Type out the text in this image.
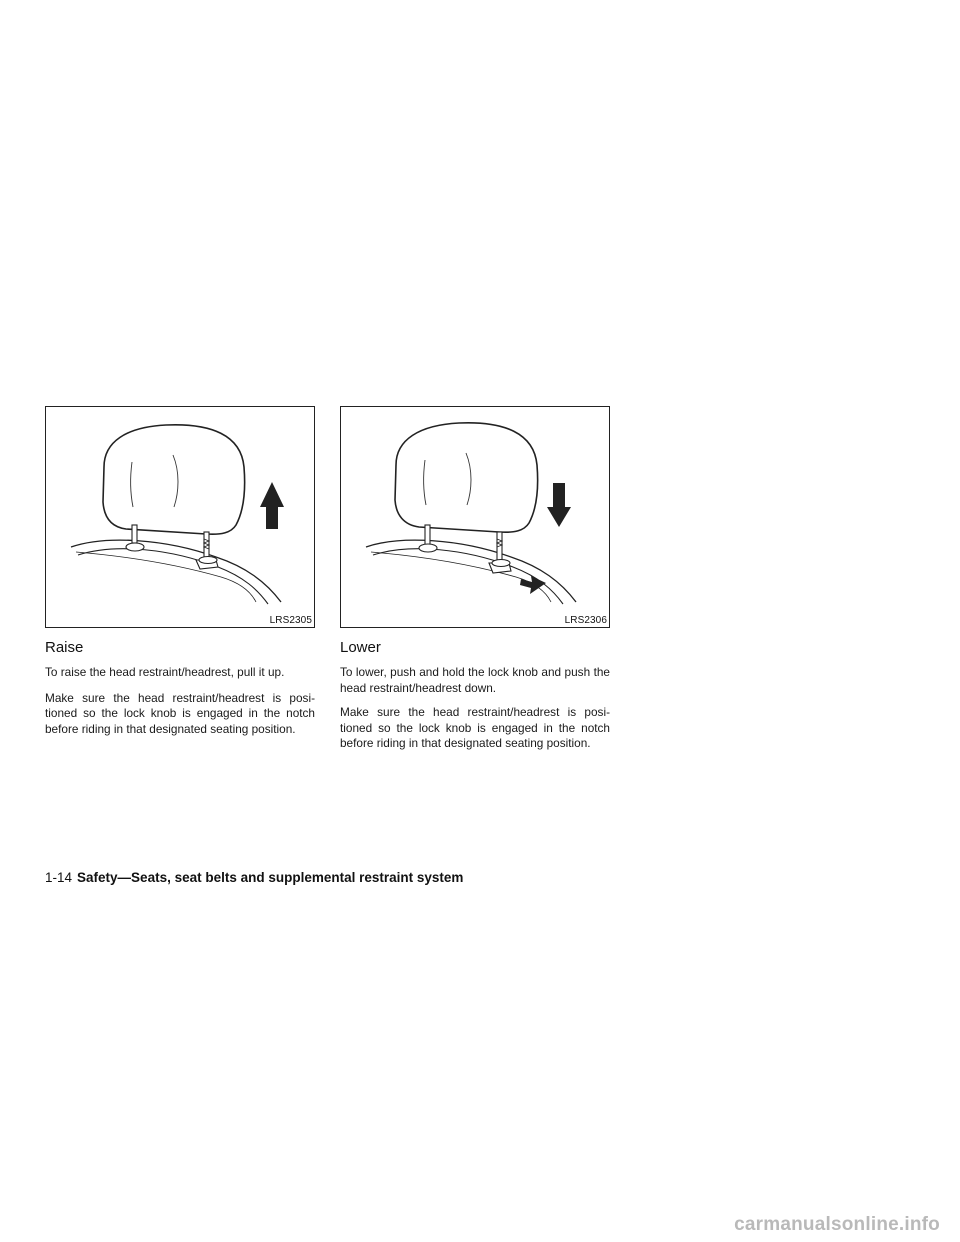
LRS2305
Raise

To raise the head restraint/headrest, pull it up.

Make sure the head restraint/headrest is posi- tioned so the lock knob is engaged in the notch before riding in that designated seating position.

LRS2306
Lower

To lower, push and hold the lock knob and push the head restraint/headrest down.

Make sure the head restraint/headrest is posi- tioned so the lock knob is engaged in the notch before riding in that designated seating position.

1-14 Safety—Seats, seat belts and supplemental restraint system
carmanualsonline.info
